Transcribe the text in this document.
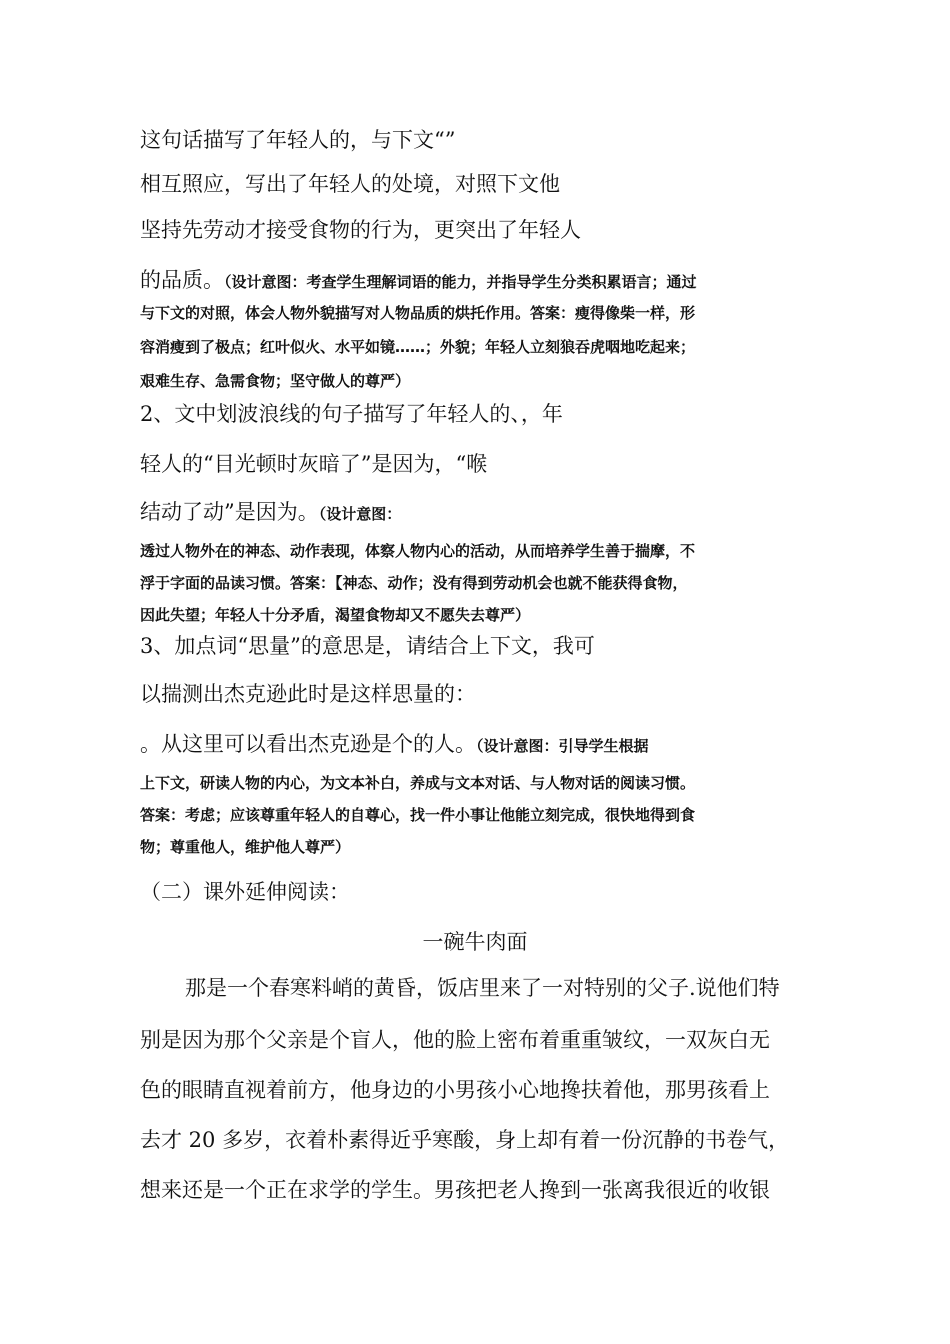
这句话描写了年轻人的，与下文“”
相互照应，写出了年轻人的处境，对照下文他
坚持先劳动才接受食物的行为，更突出了年轻人
的品质。（设计意图：考查学生理解词语的能力，并指导学生分类积累语言；通过
与下文的对照，体会人物外貌描写对人物品质的烘托作用。答案：瘦得像柴一样，形
容消瘦到了极点；红叶似火、水平如镜……；外貌；年轻人立刻狼吞虎咽地吃起来；
艰难生存、急需食物；坚守做人的尊严）
2、文中划波浪线的句子描写了年轻人的、，年
轻人的“目光顿时灰暗了”是因为，“喉
结动了动”是因为。（设计意图：
透过人物外在的神态、动作表现，体察人物内心的活动，从而培养学生善于揣摩，不
浮于字面的品读习惯。答案：【神态、动作；没有得到劳动机会也就不能获得食物，
因此失望；年轻人十分矛盾，渴望食物却又不愿失去尊严）
3、加点词“思量”的意思是，请结合上下文，我可
以揣测出杰克逊此时是这样思量的：
。从这里可以看出杰克逊是个的人。（设计意图：引导学生根据
上下文，研读人物的内心，为文本补白，养成与文本对话、与人物对话的阅读习惯。
答案：考虑；应该尊重年轻人的自尊心，找一件小事让他能立刻完成，很快地得到食
物；尊重他人，维护他人尊严）
（二）课外延伸阅读：
一碗牛肉面
那是一个春寒料峭的黄昏，饭店里来了一对特别的父子.说他们特
别是因为那个父亲是个盲人，他的脸上密布着重重皱纹，一双灰白无
色的眼睛直视着前方，他身边的小男孩小心地搀扶着他，那男孩看上
去才 20 多岁，衣着朴素得近乎寒酸，身上却有着一份沉静的书卷气，
想来还是一个正在求学的学生。男孩把老人搀到一张离我很近的收银
